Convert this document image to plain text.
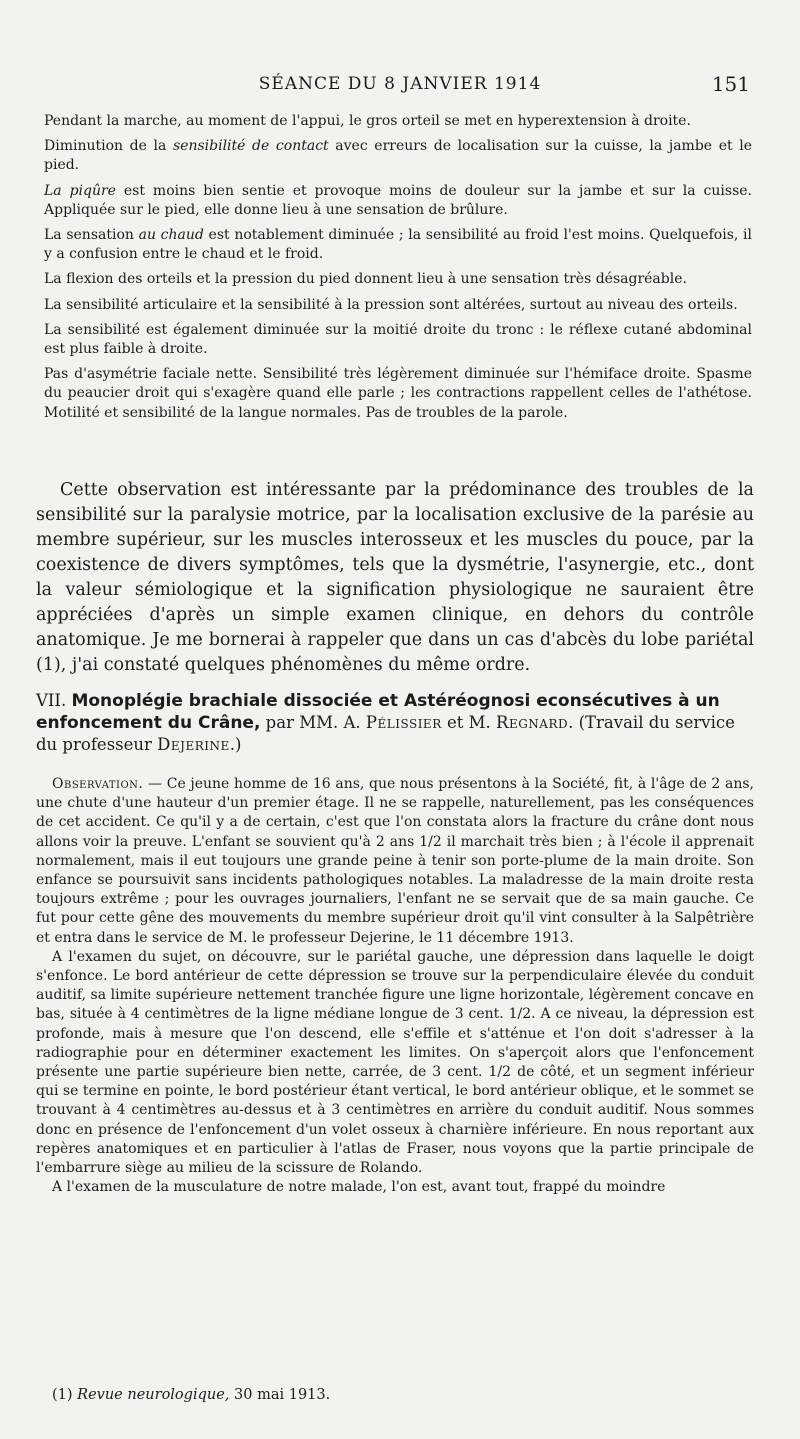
SÉANCE DU 8 JANVIER 1914	151

Pendant la marche, au moment de l'appui, le gros orteil se met en hyperextension à droite.

Diminution de la sensibilité de contact avec erreurs de localisation sur la cuisse, la jambe et le pied.

La piqûre est moins bien sentie et provoque moins de douleur sur la jambe et sur la cuisse. Appliquée sur le pied, elle donne lieu à une sensation de brûlure.

La sensation au chaud est notablement diminuée ; la sensibilité au froid l'est moins. Quelquefois, il y a confusion entre le chaud et le froid.

La flexion des orteils et la pression du pied donnent lieu à une sensation très désagréable.

La sensibilité articulaire et la sensibilité à la pression sont altérées, surtout au niveau des orteils.

La sensibilité est également diminuée sur la moitié droite du tronc : le réflexe cutané abdominal est plus faible à droite.

Pas d'asymétrie faciale nette. Sensibilité très légèrement diminuée sur l'hémiface droite. Spasme du peaucier droit qui s'exagère quand elle parle ; les contractions rappellent celles de l'athétose. Motilité et sensibilité de la langue normales. Pas de troubles de la parole.

Cette observation est intéressante par la prédominance des troubles de la sensibilité sur la paralysie motrice, par la localisation exclusive de la parésie au membre supérieur, sur les muscles interosseux et les muscles du pouce, par la coexistence de divers symptômes, tels que la dysmétrie, l'asynergie, etc., dont la valeur sémiologique et la signification physiologique ne sauraient être appréciées d'après un simple examen clinique, en dehors du contrôle anatomique. Je me bornerai à rappeler que dans un cas d'abcès du lobe pariétal (1), j'ai constaté quelques phénomènes du même ordre.

VII. Monoplégie brachiale dissociée et Astéréognosi econsécutives à un enfoncement du Crâne, par MM. A. Pélissier et M. Regnard. (Travail du service du professeur Dejerine.)

Observation. — Ce jeune homme de 16 ans, que nous présentons à la Société, fit, à l'âge de 2 ans, une chute d'une hauteur d'un premier étage. Il ne se rappelle, naturellement, pas les conséquences de cet accident. Ce qu'il y a de certain, c'est que l'on constata alors la fracture du crâne dont nous allons voir la preuve. L'enfant se souvient qu'à 2 ans 1/2 il marchait très bien ; à l'école il apprenait normalement, mais il eut toujours une grande peine à tenir son porte-plume de la main droite. Son enfance se poursuivit sans incidents pathologiques notables. La maladresse de la main droite resta toujours extrême ; pour les ouvrages journaliers, l'enfant ne se servait que de sa main gauche. Ce fut pour cette gêne des mouvements du membre supérieur droit qu'il vint consulter à la Salpêtrière et entra dans le service de M. le professeur Dejerine, le 11 décembre 1913.

A l'examen du sujet, on découvre, sur le pariétal gauche, une dépression dans laquelle le doigt s'enfonce. Le bord antérieur de cette dépression se trouve sur la perpendiculaire élevée du conduit auditif, sa limite supérieure nettement tranchée figure une ligne horizontale, légèrement concave en bas, située à 4 centimètres de la ligne médiane longue de 3 cent. 1/2. A ce niveau, la dépression est profonde, mais à mesure que l'on descend, elle s'effile et s'atténue et l'on doit s'adresser à la radiographie pour en déterminer exactement les limites. On s'aperçoit alors que l'enfoncement présente une partie supérieure bien nette, carrée, de 3 cent. 1/2 de côté, et un segment inférieur qui se termine en pointe, le bord postérieur étant vertical, le bord antérieur oblique, et le sommet se trouvant à 4 centimètres au-dessus et à 3 centimètres en arrière du conduit auditif. Nous sommes donc en présence de l'enfoncement d'un volet osseux à charnière inférieure. En nous reportant aux repères anatomiques et en particulier à l'atlas de Fraser, nous voyons que la partie principale de l'embarrure siège au milieu de la scissure de Rolando.

A l'examen de la musculature de notre malade, l'on est, avant tout, frappé du moindre

(1) Revue neurologique, 30 mai 1913.
